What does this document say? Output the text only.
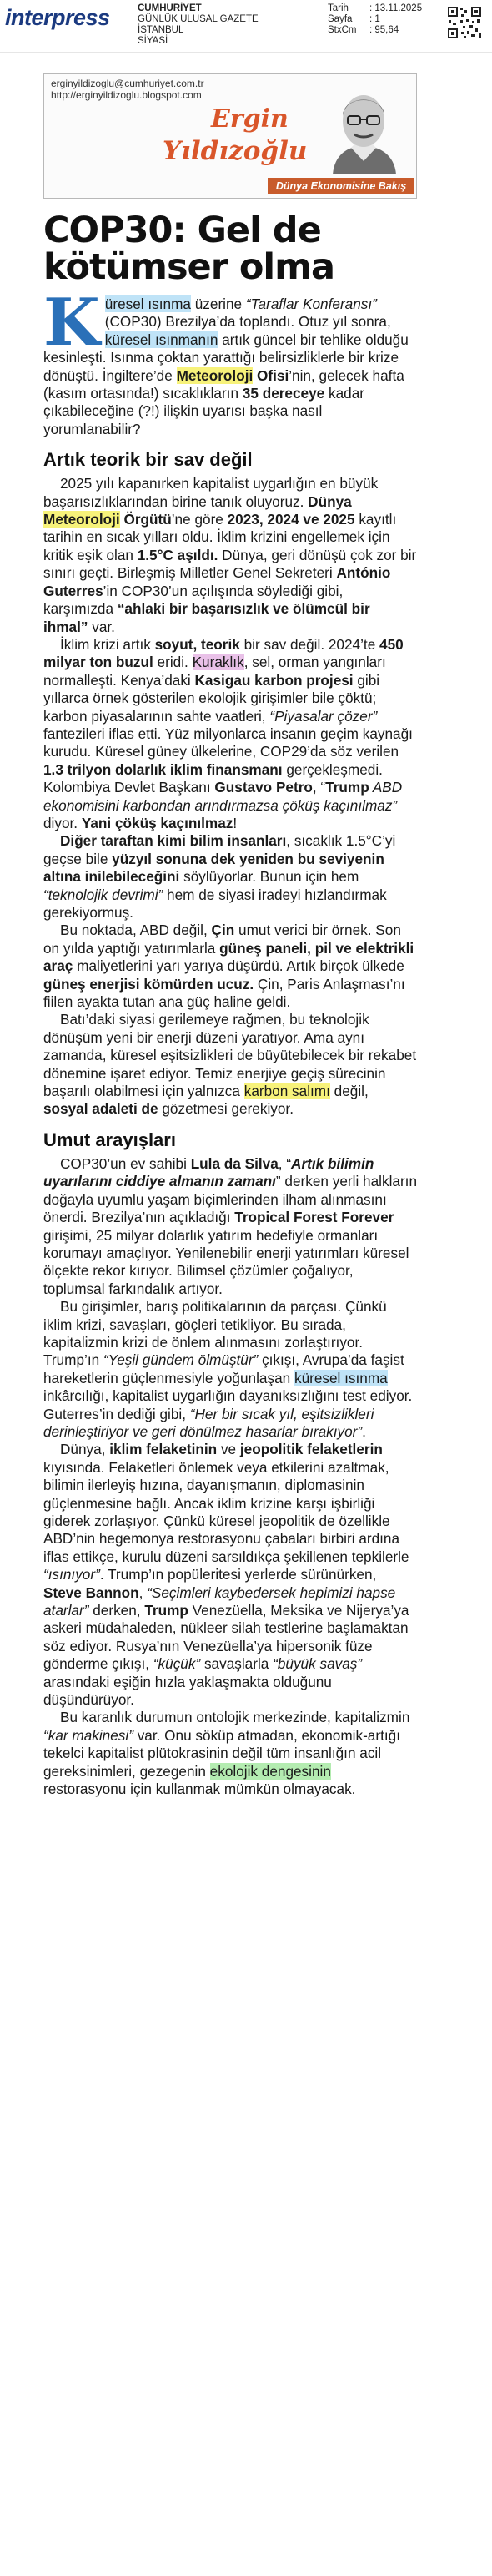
interpress	CUMHURİYET
GÜNLÜK ULUSAL GAZETE
İSTANBUL
SİYASİ
Tarih	: 13.11.2025
Sayfa	: 1
StxCm	: 95,64
erginyildizoglu@cumhuriyet.com.tr
http://erginyildizoglu.blogspot.com
Ergin
Yıldızoğlu
Dünya Ekonomisine Bakış
COP30: Gel de kötümser olma

Küresel ısınma üzerine “Taraflar Konferansı” (COP30) Brezilya’da toplandı. Otuz yıl sonra, küresel ısınmanın artık güncel bir tehlike olduğu kesinleşti. Isınma çoktan yarattığı belirsizliklerle bir krize dönüştü. İngiltere’de Meteoroloji Ofisi’nin, gelecek hafta (kasım ortasında!) sıcaklıkların 35 dereceye kadar çıkabileceğine (?!) ilişkin uyarısı başka nasıl yorumlanabilir?

Artık teorik bir sav değil

2025 yılı kapanırken kapitalist uygarlığın en büyük başarısızlıklarından birine tanık oluyoruz. Dünya Meteoroloji Örgütü’ne göre 2023, 2024 ve 2025 kayıtlı tarihin en sıcak yılları oldu. İklim krizini engellemek için kritik eşik olan 1.5°C aşıldı. Dünya, geri dönüşü çok zor bir sınırı geçti. Birleşmiş Milletler Genel Sekreteri António Guterres’in COP30’un açılışında söylediği gibi, karşımızda “ahlaki bir başarısızlık ve ölümcül bir ihmal” var.

İklim krizi artık soyut, teorik bir sav değil. 2024’te 450 milyar ton buzul eridi. Kuraklık, sel, orman yangınları normalleşti. Kenya’daki Kasigau karbon projesi gibi yıllarca örnek gösterilen ekolojik girişimler bile çöktü; karbon piyasalarının sahte vaatleri, “Piyasalar çözer” fantezileri iflas etti. Yüz milyonlarca insanın geçim kaynağı kurudu. Küresel güney ülkelerine, COP29’da söz verilen 1.3 trilyon dolarlık iklim finansmanı gerçekleşmedi. Kolombiya Devlet Başkanı Gustavo Petro, “Trump ABD ekonomisini karbondan arındırmazsa çöküş kaçınılmaz” diyor. Yani çöküş kaçınılmaz!

Diğer taraftan kimi bilim insanları, sıcaklık 1.5°C’yi geçse bile yüzyıl sonuna dek yeniden bu seviyenin altına inilebileceğini söylüyorlar. Bunun için hem “teknolojik devrimi” hem de siyasi iradeyi hızlandırmak gerekiyormuş.

Bu noktada, ABD değil, Çin umut verici bir örnek. Son on yılda yaptığı yatırımlarla güneş paneli, pil ve elektrikli araç maliyetlerini yarı yarıya düşürdü. Artık birçok ülkede güneş enerjisi kömürden ucuz. Çin, Paris Anlaşması’nı fiilen ayakta tutan ana güç haline geldi.

Batı’daki siyasi gerilemeye rağmen, bu teknolojik dönüşüm yeni bir enerji düzeni yaratıyor. Ama aynı zamanda, küresel eşitsizlikleri de büyütebilecek bir rekabet dönemine işaret ediyor. Temiz enerjiye geçiş sürecinin başarılı olabilmesi için yalnızca karbon salımı değil, sosyal adaleti de gözetmesi gerekiyor.

Umut arayışları

COP30’un ev sahibi Lula da Silva, “Artık bilimin uyarılarını ciddiye almanın zamanı” derken yerli halkların doğayla uyumlu yaşam biçimlerinden ilham alınmasını önerdi. Brezilya’nın açıkladığı Tropical Forest Forever girişimi, 25 milyar dolarlık yatırım hedefiyle ormanları korumayı amaçlıyor. Yenilenebilir enerji yatırımları küresel ölçekte rekor kırıyor. Bilimsel çözümler çoğalıyor, toplumsal farkındalık artıyor.

Bu girişimler, barış politikalarının da parçası. Çünkü iklim krizi, savaşları, göçleri tetikliyor. Bu sırada, kapitalizmin krizi de önlem alınmasını zorlaştırıyor. Trump’ın “Yeşil gündem ölmüştür” çıkışı, Avrupa’da faşist hareketlerin güçlenmesiyle yoğunlaşan küresel ısınma inkârcılığı, kapitalist uygarlığın dayanıksızlığını test ediyor. Guterres’in dediği gibi, “Her bir sıcak yıl, eşitsizlikleri derinleştiriyor ve geri dönülmez hasarlar bırakıyor”.

Dünya, iklim felaketinin ve jeopolitik felaketlerin kıyısında. Felaketleri önlemek veya etkilerini azaltmak, bilimin ilerleyiş hızına, dayanışmanın, diplomasinin güçlenmesine bağlı. Ancak iklim krizine karşı işbirliği giderek zorlaşıyor. Çünkü küresel jeopolitik de özellikle ABD’nin hegemonya restorasyonu çabaları birbiri ardına iflas ettikçe, kurulu düzeni sarsıldıkça şekillenen tepkilerle “ısınıyor”. Trump’ın popüleritesi yerlerde sürünürken, Steve Bannon, “Seçimleri kaybedersek hepimizi hapse atarlar” derken, Trump Venezüella, Meksika ve Nijerya’ya askeri müdahaleden, nükleer silah testlerine başlamaktan söz ediyor. Rusya’nın Venezüella’ya hipersonik füze gönderme çıkışı, “küçük” savaşlarla “büyük savaş” arasındaki eşiğin hızla yaklaşmakta olduğunu düşündürüyor.

Bu karanlık durumun ontolojik merkezinde, kapitalizmin “kar makinesi” var. Onu söküp atmadan, ekonomik-artığı tekelci kapitalist plütokrasinin değil tüm insanlığın acil gereksinimleri, gezegenin ekolojik dengesinin restorasyonu için kullanmak mümkün olmayacak.
